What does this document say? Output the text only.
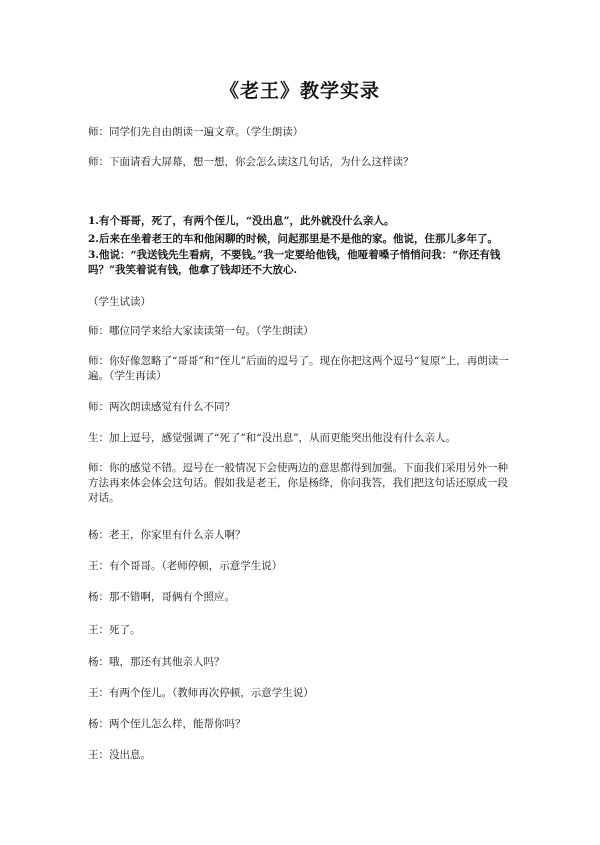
《老王》教学实录
师：同学们先自由朗读一遍文章。（学生朗读）
师：下面请看大屏幕，想一想，你会怎么读这几句话，为什么这样读？
1.有个哥哥，死了，有两个侄儿，“没出息”，此外就没什么亲人。
2.后来在坐着老王的车和他闲聊的时候，问起那里是不是他的家。他说，住那儿多年了。
3.他说：“我送钱先生看病，不要钱。”我一定要给他钱，他哑着嗓子悄悄问我：“你还有钱吗？”我笑着说有钱，他拿了钱却还不大放心.
（学生试读）
师：哪位同学来给大家读读第一句。（学生朗读）
师：你好像忽略了“哥哥”和“侄儿”后面的逗号了。现在你把这两个逗号“复原”上，再朗读一遍。（学生再读）
师：两次朗读感觉有什么不同？
生：加上逗号，感觉强调了“死了”和“没出息”，从而更能突出他没有什么亲人。
师：你的感觉不错。逗号在一般情况下会使两边的意思都得到加强。下面我们采用另外一种方法再来体会体会这句话。假如我是老王，你是杨绛，你问我答，我们把这句话还原成一段对话。
杨：老王，你家里有什么亲人啊？
王：有个哥哥。（老师停顿，示意学生说）
杨：那不错啊，哥俩有个照应。
王：死了。
杨：哦，那还有其他亲人吗？
王：有两个侄儿。（教师再次停顿，示意学生说）
杨：两个侄儿怎么样，能帮你吗？
王：没出息。
